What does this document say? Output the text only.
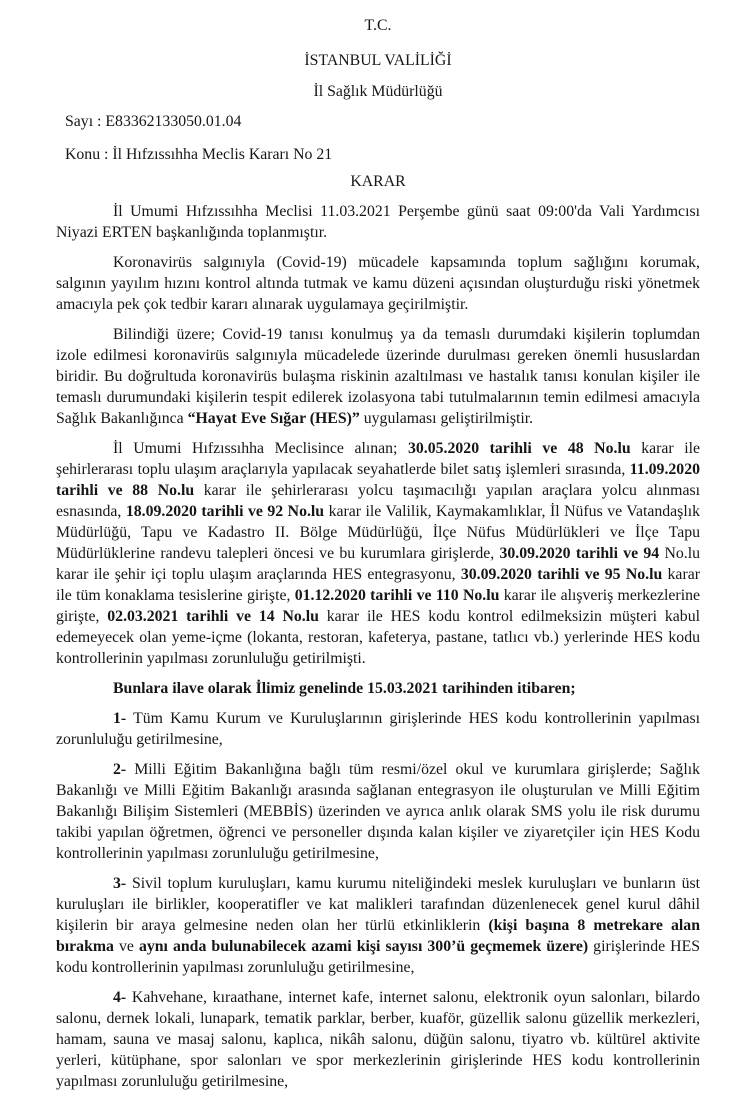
T.C.

İSTANBUL VALİLİĞİ

İl Sağlık Müdürlüğü

Sayı : E83362133050.01.04

Konu : İl Hıfzıssıhha Meclis Kararı No 21

KARAR

İl Umumi Hıfzıssıhha Meclisi 11.03.2021 Perşembe günü saat 09:00'da Vali Yardımcısı Niyazi ERTEN başkanlığında toplanmıştır.

Koronavirüs salgınıyla (Covid-19) mücadele kapsamında toplum sağlığını korumak, salgının yayılım hızını kontrol altında tutmak ve kamu düzeni açısından oluşturduğu riski yönetmek amacıyla pek çok tedbir kararı alınarak uygulamaya geçirilmiştir.

Bilindiği üzere; Covid-19 tanısı konulmuş ya da temaslı durumdaki kişilerin toplumdan izole edilmesi koronavirüs salgınıyla mücadelede üzerinde durulması gereken önemli hususlardan biridir. Bu doğrultuda koronavirüs bulaşma riskinin azaltılması ve hastalık tanısı konulan kişiler ile temaslı durumundaki kişilerin tespit edilerek izolasyona tabi tutulmalarının temin edilmesi amacıyla Sağlık Bakanlığınca “Hayat Eve Sığar (HES)” uygulaması geliştirilmiştir.

İl Umumi Hıfzıssıhha Meclisince alınan; 30.05.2020 tarihli ve 48 No.lu karar ile şehirlerarası toplu ulaşım araçlarıyla yapılacak seyahatlerde bilet satış işlemleri sırasında, 11.09.2020 tarihli ve 88 No.lu karar ile şehirlerarası yolcu taşımacılığı yapılan araçlara yolcu alınması esnasında, 18.09.2020 tarihli ve 92 No.lu karar ile Valilik, Kaymakamlıklar, İl Nüfus ve Vatandaşlık Müdürlüğü, Tapu ve Kadastro II. Bölge Müdürlüğü, İlçe Nüfus Müdürlükleri ve İlçe Tapu Müdürlüklerine randevu talepleri öncesi ve bu kurumlara girişlerde, 30.09.2020 tarihli ve 94 No.lu karar ile şehir içi toplu ulaşım araçlarında HES entegrasyonu, 30.09.2020 tarihli ve 95 No.lu karar ile tüm konaklama tesislerine girişte, 01.12.2020 tarihli ve 110 No.lu karar ile alışveriş merkezlerine girişte, 02.03.2021 tarihli ve 14 No.lu karar ile HES kodu kontrol edilmeksizin müşteri kabul edemeyecek olan yeme-içme (lokanta, restoran, kafeterya, pastane, tatlıcı vb.) yerlerinde HES kodu kontrollerinin yapılması zorunluluğu getirilmişti.

Bunlara ilave olarak İlimiz genelinde 15.03.2021 tarihinden itibaren;

1- Tüm Kamu Kurum ve Kuruluşlarının girişlerinde HES kodu kontrollerinin yapılması zorunluluğu getirilmesine,

2- Milli Eğitim Bakanlığına bağlı tüm resmi/özel okul ve kurumlara girişlerde; Sağlık Bakanlığı ve Milli Eğitim Bakanlığı arasında sağlanan entegrasyon ile oluşturulan ve Milli Eğitim Bakanlığı Bilişim Sistemleri (MEBBİS) üzerinden ve ayrıca anlık olarak SMS yolu ile risk durumu takibi yapılan öğretmen, öğrenci ve personeller dışında kalan kişiler ve ziyaretçiler için HES Kodu kontrollerinin yapılması zorunluluğu getirilmesine,

3- Sivil toplum kuruluşları, kamu kurumu niteliğindeki meslek kuruluşları ve bunların üst kuruluşları ile birlikler, kooperatifler ve kat malikleri tarafından düzenlenecek genel kurul dâhil kişilerin bir araya gelmesine neden olan her türlü etkinliklerin (kişi başına 8 metrekare alan bırakma ve aynı anda bulunabilecek azami kişi sayısı 300’ü geçmemek üzere) girişlerinde HES kodu kontrollerinin yapılması zorunluluğu getirilmesine,

4- Kahvehane, kıraathane, internet kafe, internet salonu, elektronik oyun salonları, bilardo salonu, dernek lokali, lunapark, tematik parklar, berber, kuaför, güzellik salonu güzellik merkezleri, hamam, sauna ve masaj salonu, kaplıca, nikâh salonu, düğün salonu, tiyatro vb. kültürel aktivite yerleri, kütüphane, spor salonları ve spor merkezlerinin girişlerinde HES kodu kontrollerinin yapılması zorunluluğu getirilmesine,
